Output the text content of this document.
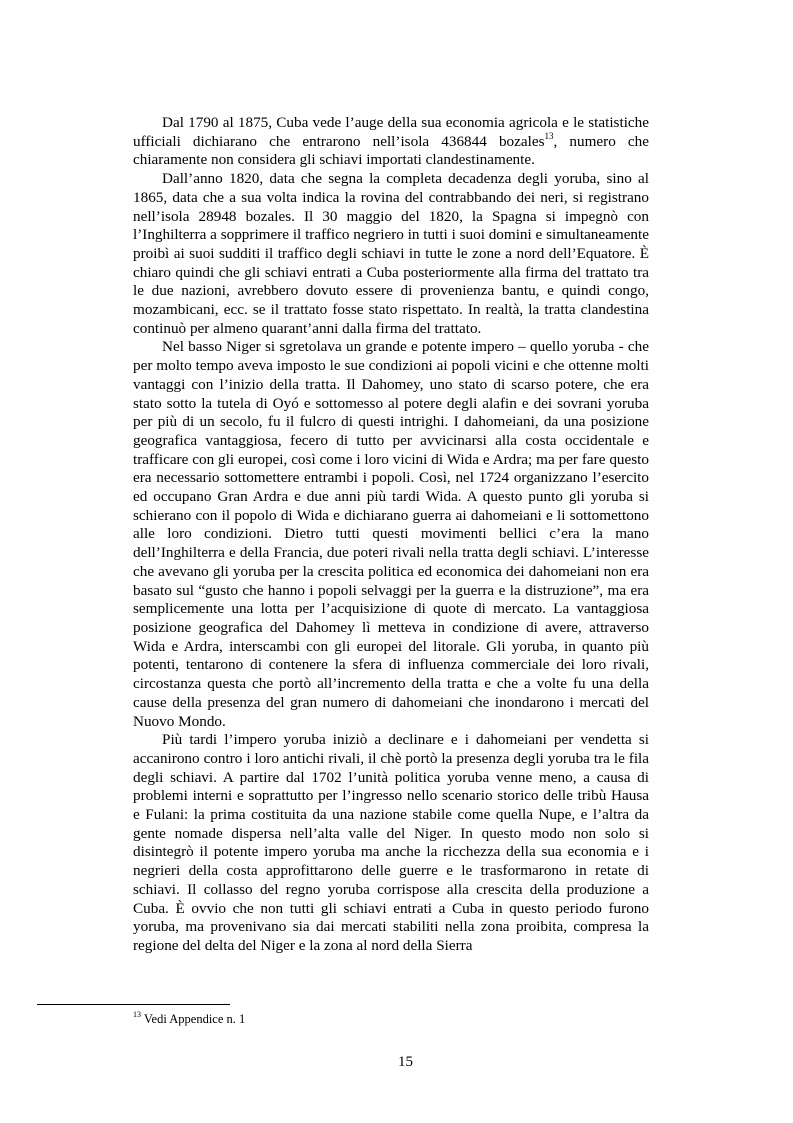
Dal 1790 al 1875, Cuba vede l’auge della sua economia agricola e le statistiche ufficiali dichiarano che entrarono nell’isola 436844 bozales$^{13}$, numero che chiaramente non considera gli schiavi importati clandestinamente.

Dall’anno 1820, data che segna la completa decadenza degli yoruba, sino al 1865, data che a sua volta indica la rovina del contrabbando dei neri, si registrano nell’isola 28948 bozales. Il 30 maggio del 1820, la Spagna si impegnò con l’Inghilterra a sopprimere il traffico negriero in tutti i suoi domini e simultaneamente proibì ai suoi sudditi il traffico degli schiavi in tutte le zone a nord dell’Equatore. È chiaro quindi che gli schiavi entrati a Cuba posteriormente alla firma del trattato tra le due nazioni, avrebbero dovuto essere di provenienza bantu, e quindi congo, mozambicani, ecc. se il trattato fosse stato rispettato. In realtà, la tratta clandestina continuò per almeno quarant’anni dalla firma del trattato.

Nel basso Niger si sgretolava un grande e potente impero – quello yoruba - che per molto tempo aveva imposto le sue condizioni ai popoli vicini e che ottenne molti vantaggi con l’inizio della tratta. Il Dahomey, uno stato di scarso potere, che era stato sotto la tutela di Oyó e sottomesso al potere degli alafin e dei sovrani yoruba per più di un secolo, fu il fulcro di questi intrighi. I dahomeiani, da una posizione geografica vantaggiosa, fecero di tutto per avvicinarsi alla costa occidentale e trafficare con gli europei, così come i loro vicini di Wida e Ardra; ma per fare questo era necessario sottomettere entrambi i popoli. Così, nel 1724 organizzano l’esercito ed occupano Gran Ardra e due anni più tardi Wida. A questo punto gli yoruba si schierano con il popolo di Wida e dichiarano guerra ai dahomeiani e li sottomettono alle loro condizioni. Dietro tutti questi movimenti bellici c’era la mano dell’Inghilterra e della Francia, due poteri rivali nella tratta degli schiavi. L’interesse che avevano gli yoruba per la crescita politica ed economica dei dahomeiani non era basato sul “gusto che hanno i popoli selvaggi per la guerra e la distruzione”, ma era semplicemente una lotta per l’acquisizione di quote di mercato. La vantaggiosa posizione geografica del Dahomey lì metteva in condizione di avere, attraverso Wida e Ardra, interscambi con gli europei del litorale. Gli yoruba, in quanto più potenti, tentarono di contenere la sfera di influenza commerciale dei loro rivali, circostanza questa che portò all’incremento della tratta e che a volte fu una della cause della presenza del gran numero di dahomeiani che inondarono i mercati del Nuovo Mondo.

Più tardi l’impero yoruba iniziò a declinare e i dahomeiani per vendetta si accanirono contro i loro antichi rivali, il chè portò la presenza degli yoruba tra le fila degli schiavi. A partire dal 1702 l’unità politica yoruba venne meno, a causa di problemi interni e soprattutto per l’ingresso nello scenario storico delle tribù Hausa e Fulani: la prima costituita da una nazione stabile come quella Nupe, e l’altra da gente nomade dispersa nell’alta valle del Niger. In questo modo non solo si disintegrò il potente impero yoruba ma anche la ricchezza della sua economia e i negrieri della costa approfittarono delle guerre e le trasformarono in retate di schiavi. Il collasso del regno yoruba corrispose alla crescita della produzione a Cuba. È ovvio che non tutti gli schiavi entrati a Cuba in questo periodo furono yoruba, ma provenivano sia dai mercati stabiliti nella zona proibita, compresa la regione del delta del Niger e la zona al nord della Sierra

$^{13}$ Vedi Appendice n. 1
15
